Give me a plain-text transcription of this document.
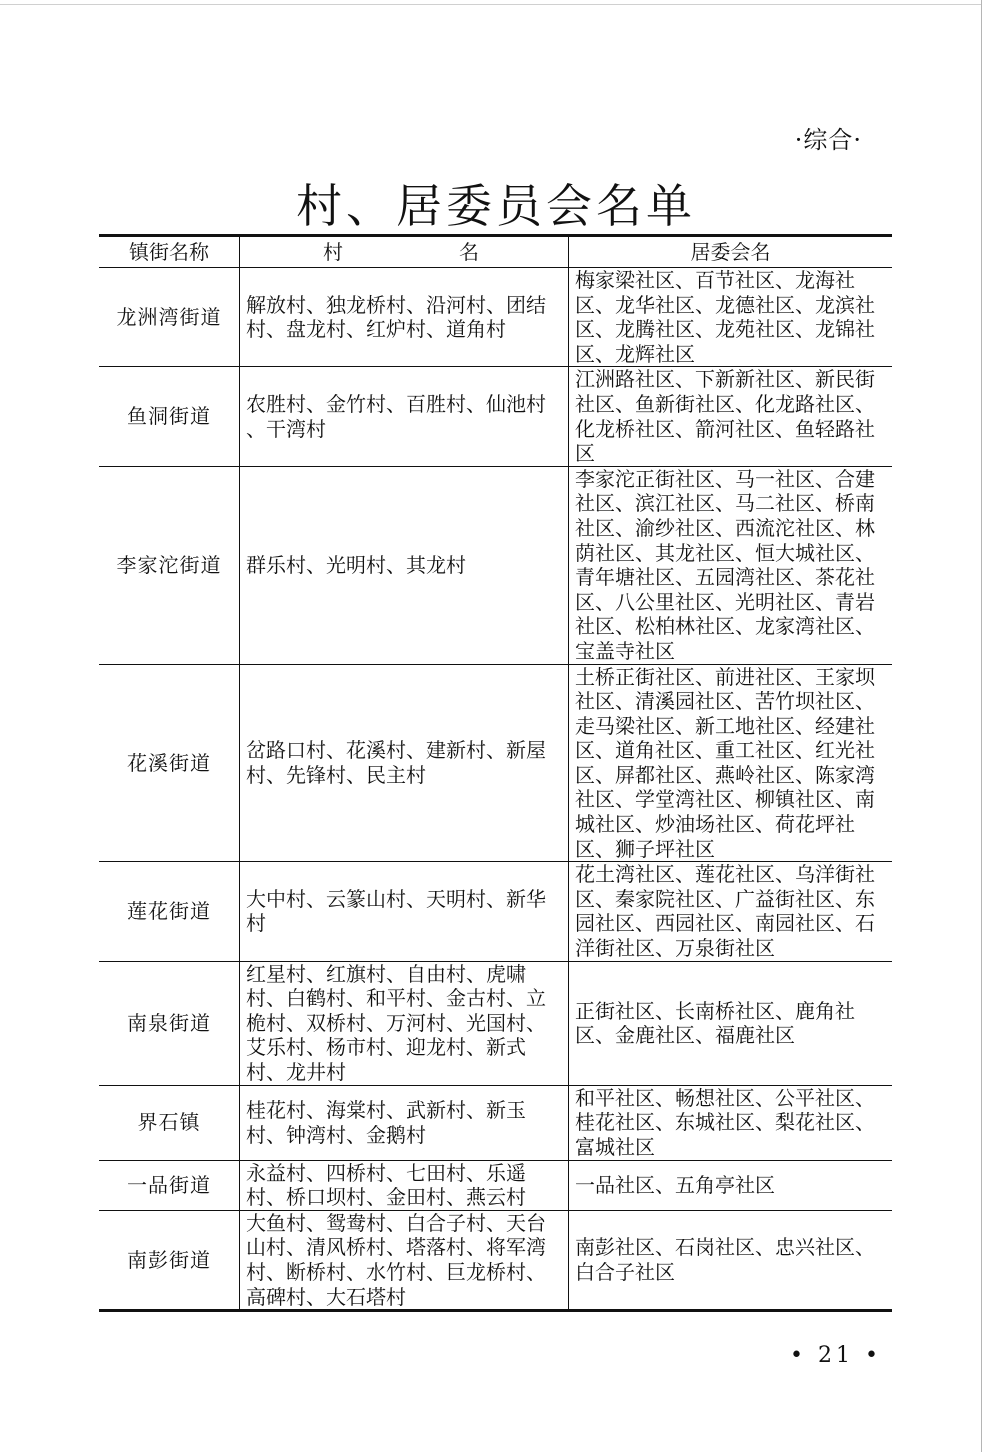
·综合·
村、居委员会名单
镇街名称	村 名	居委会名
龙洲湾街道	解放村、独龙桥村、沿河村、团结村、盘龙村、红炉村、道角村	梅家梁社区、百节社区、龙海社区、龙华社区、龙德社区、龙滨社区、龙腾社区、龙苑社区、龙锦社区、龙辉社区
鱼洞街道	农胜村、金竹村、百胜村、仙池村 、干湾村	江洲路社区、下新新社区、新民街社区、鱼新街社区、化龙路社区、化龙桥社区、箭河社区、鱼轻路社区
李家沱街道	群乐村、光明村、其龙村	李家沱正街社区、马一社区、合建社区、滨江社区、马二社区、桥南社区、渝纱社区、西流沱社区、林荫社区、其龙社区、恒大城社区、青年塘社区、五园湾社区、茶花社区、八公里社区、光明社区、青岩社区、松柏林社区、龙家湾社区、宝盖寺社区
花溪街道	岔路口村、花溪村、建新村、新屋村、先锋村、民主村	土桥正街社区、前进社区、王家坝社区、清溪园社区、苦竹坝社区、走马梁社区、新工地社区、经建社区、道角社区、重工社区、红光社区、屏都社区、燕岭社区、陈家湾社区、学堂湾社区、柳镇社区、南城社区、炒油场社区、荷花坪社区、狮子坪社区
莲花街道	大中村、云篆山村、天明村、新华村	花土湾社区、莲花社区、乌洋街社区、秦家院社区、广益街社区、东园社区、西园社区、南园社区、石洋街社区、万泉街社区
南泉街道	红星村、红旗村、自由村、虎啸村、白鹤村、和平村、金古村、立桅村、双桥村、万河村、光国村、艾乐村、杨市村、迎龙村、新式村、龙井村	正街社区、长南桥社区、鹿角社区、金鹿社区、福鹿社区
界石镇	桂花村、海棠村、武新村、新玉村、钟湾村、金鹅村	和平社区、畅想社区、公平社区、桂花社区、东城社区、梨花社区、富城社区
一品街道	永益村、四桥村、七田村、乐遥村、桥口坝村、金田村、燕云村	一品社区、五角亭社区
南彭街道	大鱼村、鸳鸯村、白合子村、天台山村、清风桥村、塔落村、将军湾村、断桥村、水竹村、巨龙桥村、高碑村、大石塔村	南彭社区、石岗社区、忠兴社区、白合子社区
• 21 •
